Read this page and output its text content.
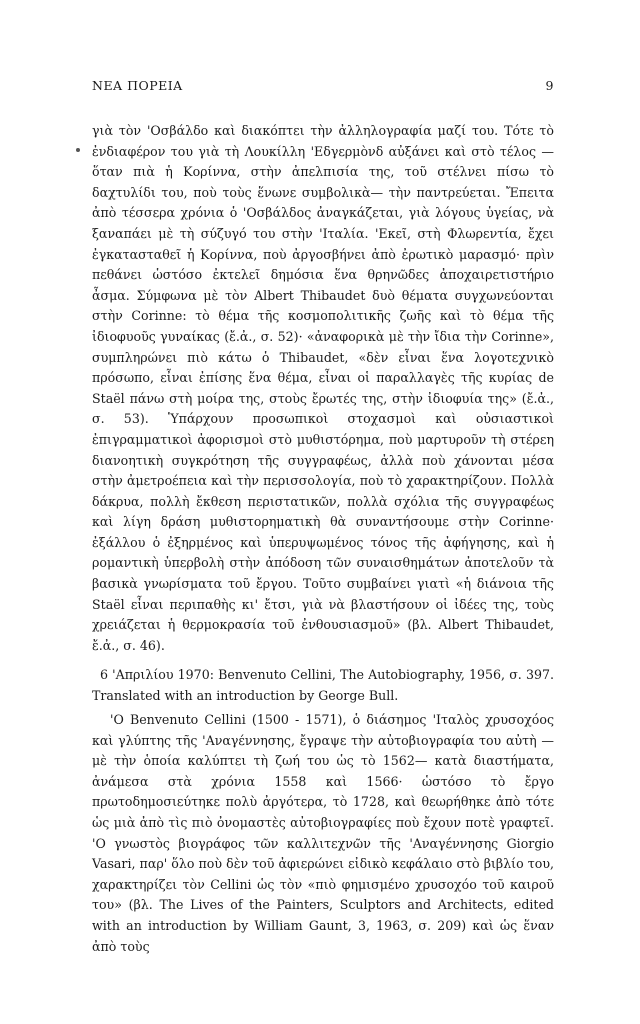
ΝΕΑ ΠΟΡΕΙΑ	9

γιὰ τὸν 'Οσβάλδο καὶ διακόπτει τὴν ἀλληλογραφία μαζί του. Τότε τὸ ἐνδιαφέρον του γιὰ τὴ Λουκίλλη 'Εδγερμὸνδ αὐξάνει καὶ στὸ τέλος — ὅταν πιὰ ἡ Κορίννα, στὴν ἀπελπισία της, τοῦ στέλνει πίσω τὸ δαχτυλίδι του, ποὺ τοὺς ἕνωνε συμβολικὰ— τὴν παντρεύεται. Ἔπειτα ἀπὸ τέσσερα χρόνια ὁ 'Οσβάλδος ἀναγκάζεται, γιὰ λόγους ὑγείας, νὰ ξαναπάει μὲ τὴ σύζυγό του στὴν 'Ιταλία. 'Εκεῖ, στὴ Φλωρεντία, ἔχει ἐγκατασταθεῖ ἡ Κορίννα, ποὺ ἀργοσβήνει ἀπὸ ἐρωτικὸ μαρασμό· πρὶν πεθάνει ὡστόσο ἐκτελεῖ δημόσια ἕνα θρηνῶδες ἀποχαιρετιστήριο ἆσμα. Σύμφωνα μὲ τὸν Albert Thibaudet δυὸ θέματα συγχωνεύονται στὴν Corinne: τὸ θέμα τῆς κοσμοπολιτικῆς ζωῆς καὶ τὸ θέμα τῆς ἰδιοφυοῦς γυναίκας (ἔ.ἀ., σ. 52)· «ἀναφορικὰ μὲ τὴν ἴδια τὴν Corinne», συμπληρώνει πιὸ κάτω ὁ Thibaudet, «δὲν εἶναι ἕνα λογοτεχνικὸ πρόσωπο, εἶναι ἐπίσης ἕνα θέμα, εἶναι οἱ παραλλαγὲς τῆς κυρίας de Staël πάνω στὴ μοίρα της, στοὺς ἔρωτές της, στὴν ἰδιοφυία της» (ἔ.ἀ., σ. 53). Ὑπάρχουν προσωπικοὶ στοχασμοὶ καὶ οὐσιαστικοὶ ἐπιγραμματικοὶ ἀφορισμοὶ στὸ μυθιστόρημα, ποὺ μαρτυροῦν τὴ στέρεη διανοητικὴ συγκρότηση τῆς συγγραφέως, ἀλλὰ ποὺ χάνονται μέσα στὴν ἀμετροέπεια καὶ τὴν περισσολογία, ποὺ τὸ χαρακτηρίζουν. Πολλὰ δάκρυα, πολλὴ ἔκθεση περιστατικῶν, πολλὰ σχόλια τῆς συγγραφέως καὶ λίγη δράση μυθιστορηματικὴ θὰ συναντήσουμε στὴν Corinne· ἐξάλλου ὁ ἐξηρμένος καὶ ὑπερυψωμένος τόνος τῆς ἀφήγησης, καὶ ἡ ρομαντικὴ ὑπερβολὴ στὴν ἀπόδοση τῶν συναισθημάτων ἀποτελοῦν τὰ βασικὰ γνωρίσματα τοῦ ἔργου. Τοῦτο συμβαίνει γιατὶ «ἡ διάνοια τῆς Staël εἶναι περιπαθὴς κι' ἔτσι, γιὰ νὰ βλαστήσουν οἱ ἰδέες της, τοὺς χρειάζεται ἡ θερμοκρασία τοῦ ἐνθουσιασμοῦ» (βλ. Albert Thibaudet, ἔ.ἀ., σ. 46).

6 'Απριλίου 1970: Benvenuto Cellini, The Autobiography, 1956, σ. 397. Translated with an introduction by George Bull.

'Ο Benvenuto Cellini (1500 - 1571), ὁ διάσημος 'Ιταλὸς χρυσοχόος καὶ γλύπτης τῆς 'Αναγέννησης, ἔγραψε τὴν αὐτοβιογραφία του αὐτὴ —μὲ τὴν ὁποία καλύπτει τὴ ζωή του ὡς τὸ 1562— κατὰ διαστήματα, ἀνάμεσα στὰ χρόνια 1558 καὶ 1566· ὡστόσο τὸ ἔργο πρωτοδημοσιεύτηκε πολὺ ἀργότερα, τὸ 1728, καὶ θεωρήθηκε ἀπὸ τότε ὡς μιὰ ἀπὸ τὶς πιὸ ὀνομαστὲς αὐτοβιογραφίες ποὺ ἔχουν ποτὲ γραφτεῖ. 'Ο γνωστὸς βιογράφος τῶν καλλιτεχνῶν τῆς 'Αναγέννησης Giorgio Vasari, παρ' ὅλο ποὺ δὲν τοῦ ἀφιερώνει εἰδικὸ κεφάλαιο στὸ βιβλίο του, χαρακτηρίζει τὸν Cellini ὡς τὸν «πιὸ φημισμένο χρυσοχόο τοῦ καιροῦ του» (βλ. The Lives of the Painters, Sculptors and Architects, edited with an introduction by William Gaunt, 3, 1963, σ. 209) καὶ ὡς ἕναν ἀπὸ τοὺς
